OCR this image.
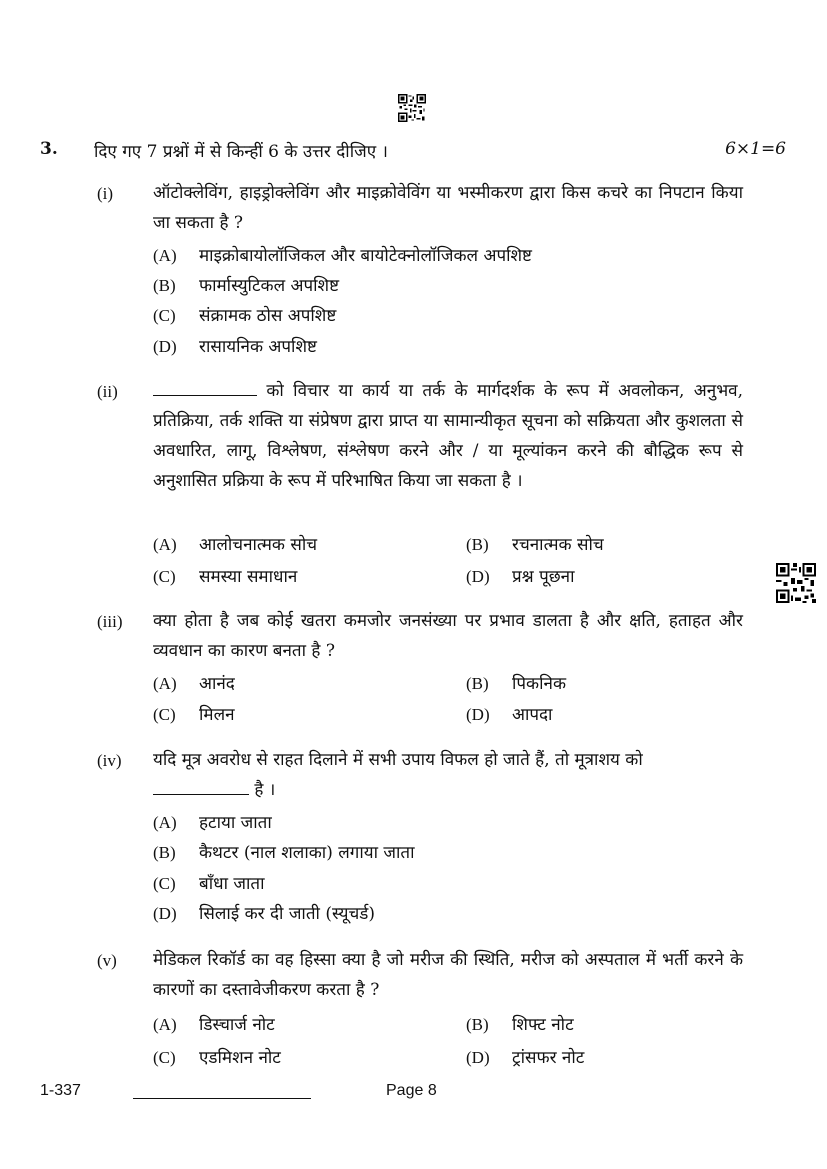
3. दिए गए 7 प्रश्नों में से किन्हीं 6 के उत्तर दीजिए ।	6×1=6
(i) ऑटोक्लेविंग, हाइड्रोक्लेविंग और माइक्रोवेविंग या भस्मीकरण द्वारा किस कचरे का निपटान किया जा सकता है ?
(A) माइक्रोबायोलॉजिकल और बायोटेक्नोलॉजिकल अपशिष्ट
(B) फार्मास्युटिकल अपशिष्ट
(C) संक्रामक ठोस अपशिष्ट
(D) रासायनिक अपशिष्ट
(ii)	को विचार या कार्य या तर्क के मार्गदर्शक के रूप में अवलोकन, अनुभव, प्रतिक्रिया, तर्क शक्ति या संप्रेषण द्वारा प्राप्त या सामान्यीकृत सूचना को सक्रियता और कुशलता से अवधारित, लागू, विश्लेषण, संश्लेषण करने और / या मूल्यांकन करने की बौद्धिक रूप से अनुशासित प्रक्रिया के रूप में परिभाषित किया जा सकता है ।
(A) आलोचनात्मक सोच	(B) रचनात्मक सोच
(C) समस्या समाधान	(D) प्रश्न पूछना
(iii) क्या होता है जब कोई खतरा कमजोर जनसंख्या पर प्रभाव डालता है और क्षति, हताहत और व्यवधान का कारण बनता है ?
(A) आनंद	(B) पिकनिक
(C) मिलन	(D) आपदा
(iv) यदि मूत्र अवरोध से राहत दिलाने में सभी उपाय विफल हो जाते हैं, तो मूत्राशय को
है ।
(A) हटाया जाता
(B) कैथटर (नाल शलाका) लगाया जाता
(C) बाँधा जाता
(D) सिलाई कर दी जाती (स्यूचर्ड)
(v) मेडिकल रिकॉर्ड का वह हिस्सा क्या है जो मरीज की स्थिति, मरीज को अस्पताल में भर्ती करने के कारणों का दस्तावेजीकरण करता है ?
(A) डिस्चार्ज नोट	(B) शिफ्ट नोट
(C) एडमिशन नोट	(D) ट्रांसफर नोट
1-337	Page 8
